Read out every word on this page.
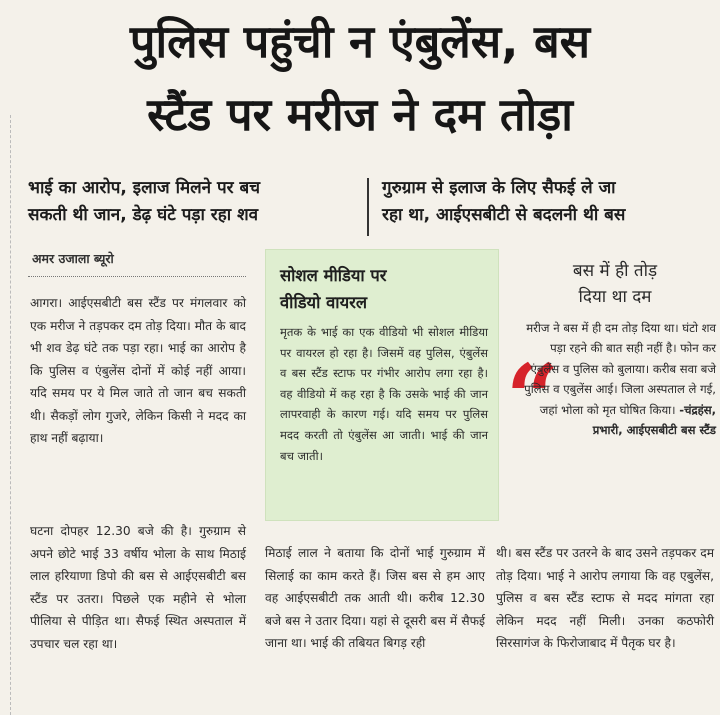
पुलिस पहुंची न एंबुलेंस, बस
स्टैंड पर मरीज ने दम तोड़ा
भाई का आरोप, इलाज मिलने पर बच
सकती थी जान, डेढ़ घंटे पड़ा रहा शव
गुरुग्राम से इलाज के लिए सैफई ले जा
रहा था, आईएसबीटी से बदलनी थी बस
अमर उजाला ब्यूरो

आगरा। आईएसबीटी बस स्टैंड पर मंगलवार को एक मरीज ने तड़पकर दम तोड़ दिया। मौत के बाद भी शव डेढ़ घंटे तक पड़ा रहा। भाई का आरोप है कि पुलिस व एंबुलेंस दोनों में कोई नहीं आया। यदि समय पर ये मिल जाते तो जान बच सकती थी। सैकड़ों लोग गुजरे, लेकिन किसी ने मदद का हाथ नहीं बढ़ाया।

सोशल मीडिया पर
वीडियो वायरल
मृतक के भाई का एक वीडियो भी सोशल मीडिया पर वायरल हो रहा है। जिसमें वह पुलिस, एंबुलेंस व बस स्टैंड स्टाफ पर गंभीर आरोप लगा रहा है। वह वीडियो में कह रहा है कि उसके भाई की जान लापरवाही के कारण गई। यदि समय पर पुलिस मदद करती तो एंबुलेंस आ जाती। भाई की जान बच जाती।
बस में ही तोड़
दिया था दम
“
मरीज ने बस में ही दम तोड़ दिया था। घंटो शव पड़ा रहने की बात सही नहीं है। फोन कर एंबुलेंस व पुलिस को बुलाया। करीब सवा बजे पुलिस व एबुलेंस आई। जिला अस्पताल ले गई, जहां भोला को मृत घोषित किया। -चंद्रहंस, प्रभारी, आईएसबीटी बस स्टैंड
घटना दोपहर 12.30 बजे की है। गुरुग्राम से अपने छोटे भाई 33 वर्षीय भोला के साथ मिठाई लाल हरियाणा डिपो की बस से आईएसबीटी बस स्टैंड पर उतरा। पिछले एक महीने से भोला पीलिया से पीड़ित था। सैफई स्थित अस्पताल में उपचार चल रहा था।
मिठाई लाल ने बताया कि दोनों भाई गुरुग्राम में सिलाई का काम करते हैं। जिस बस से हम आए वह आईएसबीटी तक आती थी। करीब 12.30 बजे बस ने उतार दिया। यहां से दूसरी बस में सैफई जाना था। भाई की तबियत बिगड़ रही
थी। बस स्टैंड पर उतरने के बाद उसने तड़पकर दम तोड़ दिया। भाई ने आरोप लगाया कि वह एबुलेंस, पुलिस व बस स्टैंड स्टाफ से मदद मांगता रहा लेकिन मदद नहीं मिली। उनका कठफोरी सिरसागंज के फिरोजाबाद में पैतृक घर है।
